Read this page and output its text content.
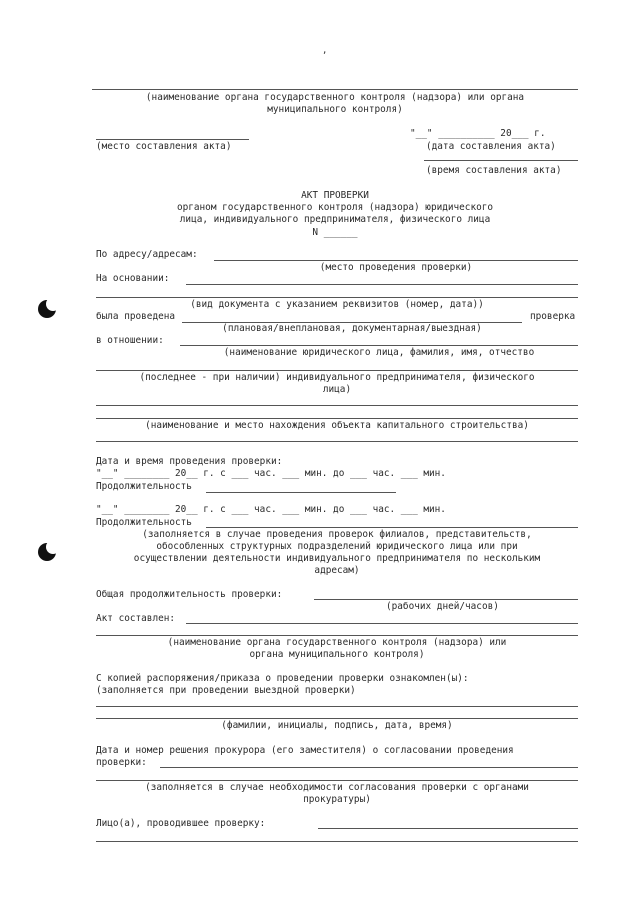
,
(наименование органа государственного контроля (надзора) или органа
муниципального контроля)
"__" __________ 20___ г.
(место составления акта)	(дата составления акта)
(время составления акта)
АКТ ПРОВЕРКИ
органом государственного контроля (надзора) юридического
лица, индивидуального предпринимателя, физического лица
N ______
По адресу/адресам:
(место проведения проверки)
На основании:
(вид документа с указанием реквизитов (номер, дата))
была проведена	проверка
(плановая/внеплановая, документарная/выездная)
в отношении:
(наименование юридического лица, фамилия, имя, отчество
(последнее - при наличии) индивидуального предпринимателя, физического
лица)
(наименование и место нахождения объекта капитального строительства)
Дата и время проведения проверки:
"__" ________ 20__ г. с ___ час. ___ мин. до ___ час. ___ мин.
Продолжительность
"__" ________ 20__ г. с ___ час. ___ мин. до ___ час. ___ мин.
Продолжительность
(заполняется в случае проведения проверок филиалов, представительств,
обособленных структурных подразделений юридического лица или при
осуществлении деятельности индивидуального предпринимателя по нескольким
адресам)
Общая продолжительность проверки:
(рабочих дней/часов)
Акт составлен:
(наименование органа государственного контроля (надзора) или
органа муниципального контроля)
С копией распоряжения/приказа о проведении проверки ознакомлен(ы):
(заполняется при проведении выездной проверки)
(фамилии, инициалы, подпись, дата, время)
Дата и номер решения прокурора (его заместителя) о согласовании проведения
проверки:
(заполняется в случае необходимости согласования проверки с органами
прокуратуры)
Лицо(а), проводившее проверку:
